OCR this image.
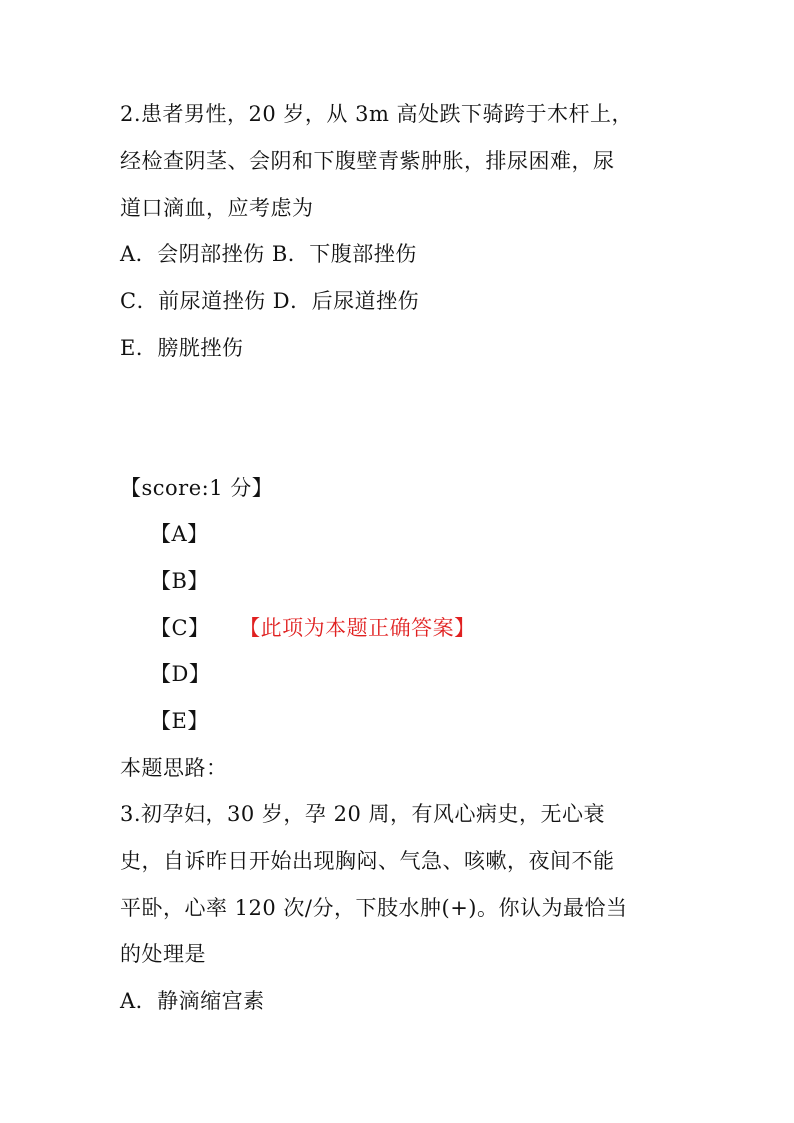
2.患者男性，20 岁，从 3m 高处跌下骑跨于木杆上，
经检查阴茎、会阴和下腹壁青紫肿胀，排尿困难，尿
道口滴血，应考虑为
A．会阴部挫伤 B．下腹部挫伤
C．前尿道挫伤 D．后尿道挫伤
E．膀胱挫伤
【score:1 分】
【A】
【B】
【C】 【此项为本题正确答案】
【D】
【E】
本题思路：
3.初孕妇，30 岁，孕 20 周，有风心病史，无心衰
史，自诉昨日开始出现胸闷、气急、咳嗽，夜间不能
平卧，心率 120 次/分，下肢水肿(+)。你认为最恰当
的处理是
A．静滴缩宫素
